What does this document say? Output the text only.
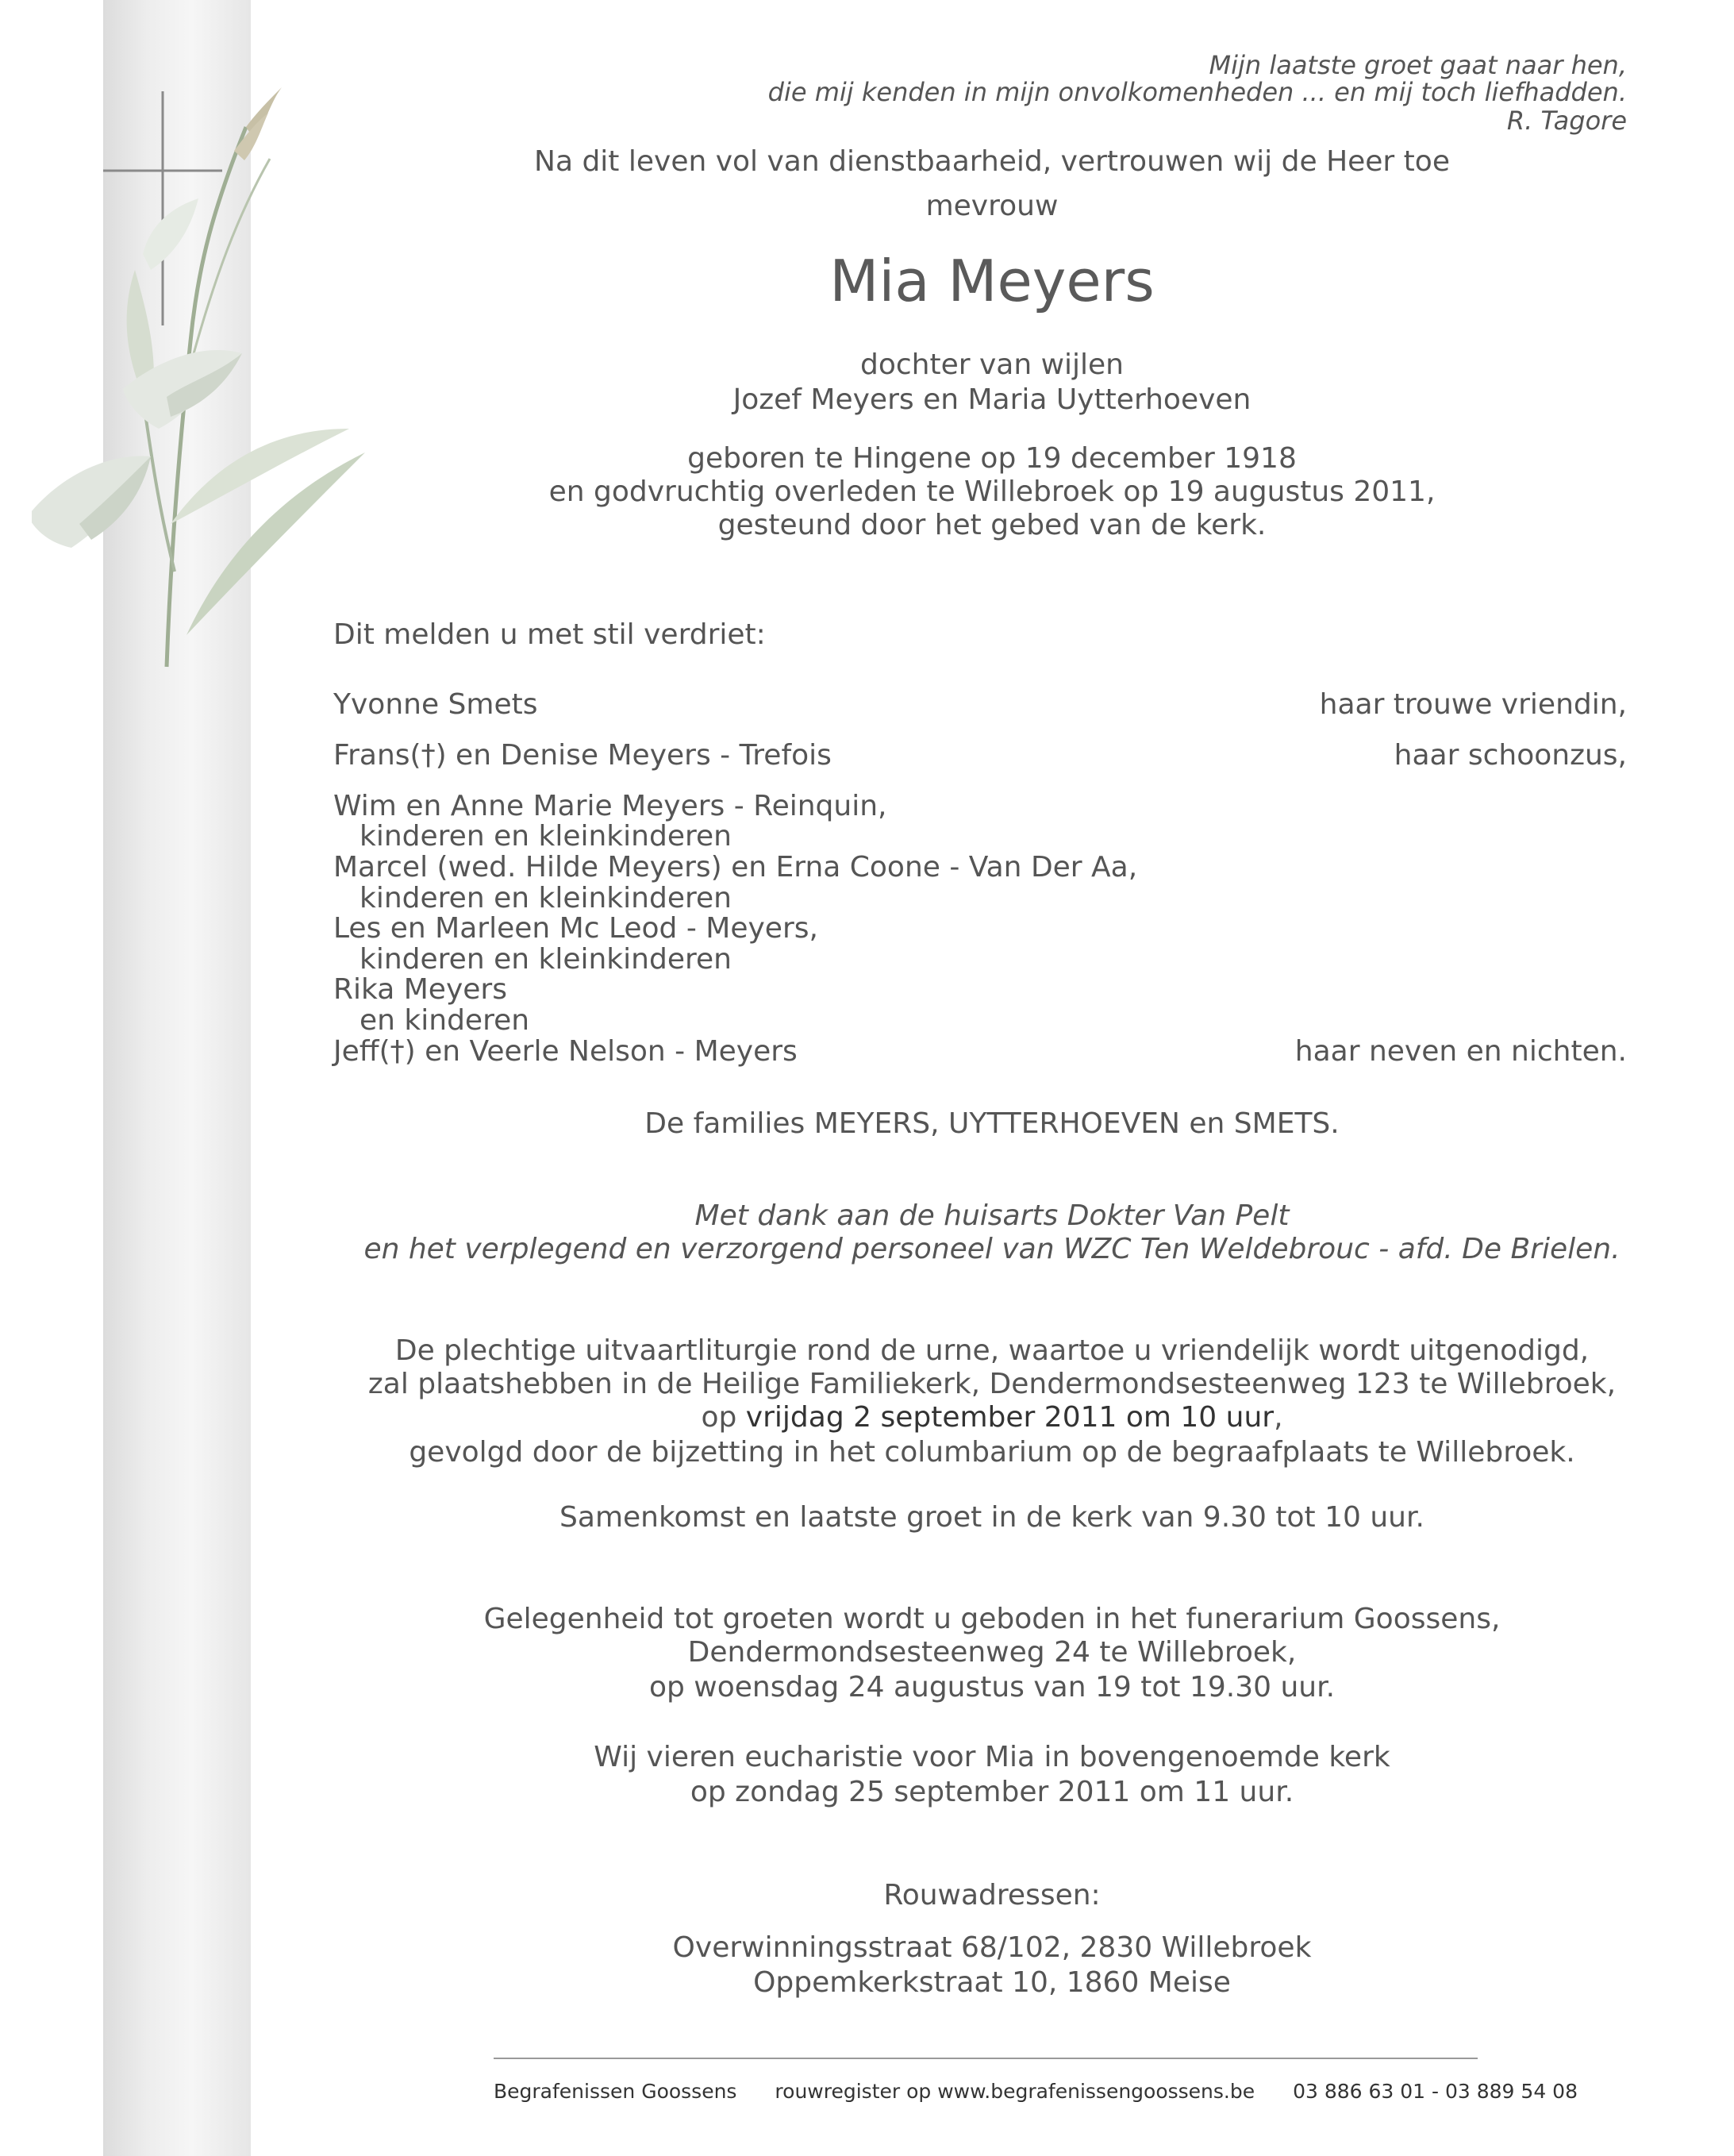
Mijn laatste groet gaat naar hen,
die mij kenden in mijn onvolkomenheden ... en mij toch liefhadden.
R. Tagore
Na dit leven vol van dienstbaarheid, vertrouwen wij de Heer toe
mevrouw
Mia Meyers
dochter van wijlen
Jozef Meyers en Maria Uytterhoeven
geboren te Hingene op 19 december 1918
en godvruchtig overleden te Willebroek op 19 augustus 2011,
gesteund door het gebed van de kerk.
Dit melden u met stil verdriet:
Yvonne Smets	haar trouwe vriendin,
Frans(†) en Denise Meyers - Trefois	haar schoonzus,
Wim en Anne Marie Meyers - Reinquin,
kinderen en kleinkinderen
Marcel (wed. Hilde Meyers) en Erna Coone - Van Der Aa,
kinderen en kleinkinderen
Les en Marleen Mc Leod - Meyers,
kinderen en kleinkinderen
Rika Meyers
en kinderen
Jeff(†) en Veerle Nelson - Meyers	haar neven en nichten.
De families MEYERS, UYTTERHOEVEN en SMETS.
Met dank aan de huisarts Dokter Van Pelt
en het verplegend en verzorgend personeel van WZC Ten Weldebrouc - afd. De Brielen.
De plechtige uitvaartliturgie rond de urne, waartoe u vriendelijk wordt uitgenodigd,
zal plaatshebben in de Heilige Familiekerk, Dendermondsesteenweg 123 te Willebroek,
op vrijdag 2 september 2011 om 10 uur,
gevolgd door de bijzetting in het columbarium op de begraafplaats te Willebroek.
Samenkomst en laatste groet in de kerk van 9.30 tot 10 uur.
Gelegenheid tot groeten wordt u geboden in het funerarium Goossens,
Dendermondsesteenweg 24 te Willebroek,
op woensdag 24 augustus van 19 tot 19.30 uur.
Wij vieren eucharistie voor Mia in bovengenoemde kerk
op zondag 25 september 2011 om 11 uur.
Rouwadressen:
Overwinningsstraat 68/102, 2830 Willebroek
Oppemkerkstraat 10, 1860 Meise
Begrafenissen Goossens rouwregister op www.begrafenissengoossens.be 03 886 63 01 - 03 889 54 08
